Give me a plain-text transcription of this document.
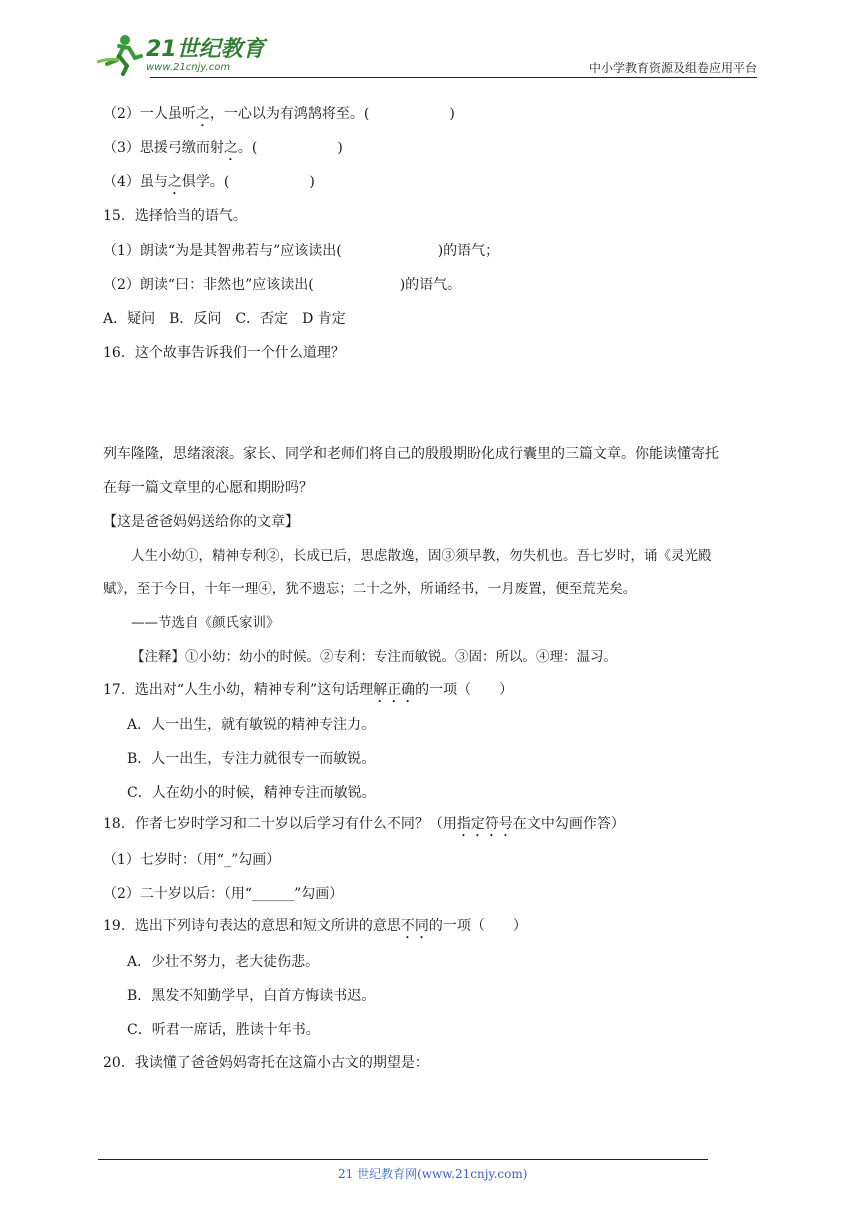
21世纪教育
www.21cnjy.com	中小学教育资源及组卷应用平台
（2）一人虽听之，一心以为有鸿鹄将至。(	)
（3）思援弓缴而射之。(	)
（4）虽与之俱学。(	)
15．选择恰当的语气。
（1）朗读“为是其智弗若与”应该读出(	)的语气；
（2）朗读“曰：非然也”应该读出(	)的语气。
A．疑问　B．反问　C．否定　D 肯定
16．这个故事告诉我们一个什么道理？
列车隆隆，思绪滚滚。家长、同学和老师们将自己的殷殷期盼化成行囊里的三篇文章。你能读懂寄托
在每一篇文章里的心愿和期盼吗？
【这是爸爸妈妈送给你的文章】
人生小幼①，精神专利②，长成已后，思虑散逸，固③须早教，勿失机也。吾七岁时，诵《灵光殿
赋》，至于今日，十年一理④，犹不遗忘；二十之外，所诵经书，一月废置，便至荒芜矣。
——节选自《颜氏家训》
【注释】①小幼：幼小的时候。②专利：专注而敏锐。③固：所以。④理：温习。
17．选出对“人生小幼，精神专利”这句话理解正确的一项（　　）
A．人一出生，就有敏锐的精神专注力。
B．人一出生，专注力就很专一而敏锐。
C．人在幼小的时候，精神专注而敏锐。
18．作者七岁时学习和二十岁以后学习有什么不同？（用指定符号在文中勾画作答）
（1）七岁时：（用“_”勾画）
（2）二十岁以后：（用“______”勾画）
19．选出下列诗句表达的意思和短文所讲的意思不同的一项（　　）
A．少壮不努力，老大徒伤悲。
B．黑发不知勤学早，白首方悔读书迟。
C．听君一席话，胜读十年书。
20．我读懂了爸爸妈妈寄托在这篇小古文的期望是：
21 世纪教育网(www.21cnjy.com)
